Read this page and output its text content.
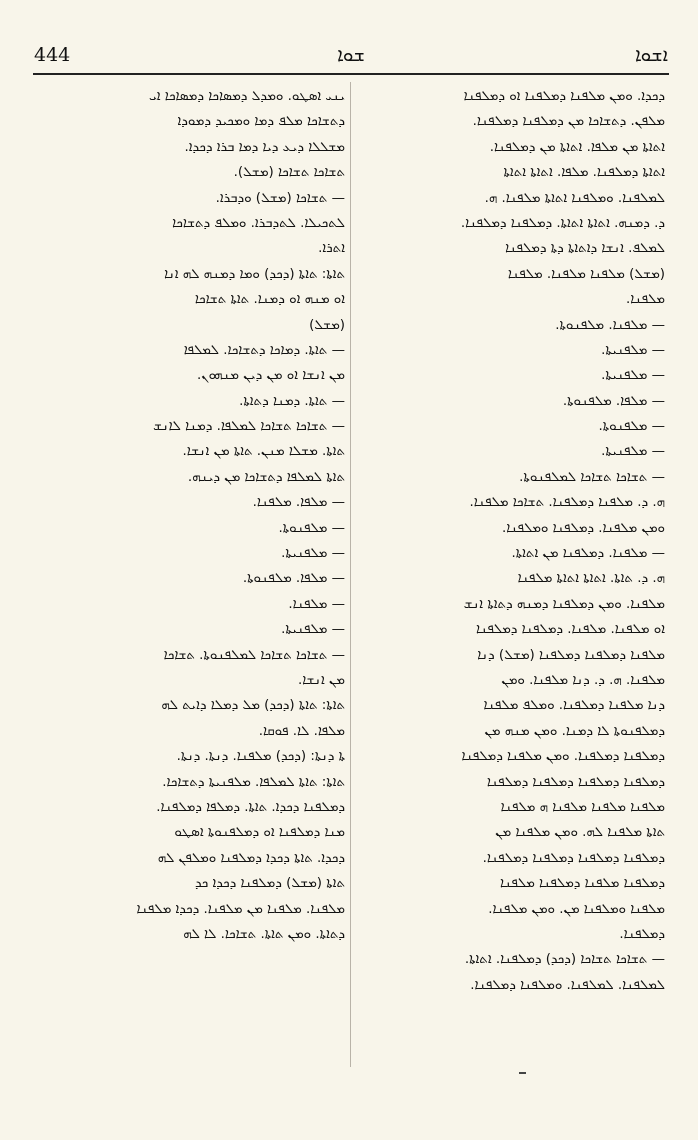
444	ܫܘܐ	ܐܫܘܐ
ܝܢܝ ܐܣܛܘ. ܘܡܕܠ ܕܡܣܐܟܐ ܕܡܣܐܟܐ ܐܝ
ܕܬܫܐܟܐ ܡܠܦ ܕܡܐ ܘܡܟܝܕ ܕܡܘܕܐ
ܡܫܠܠܐ ܕܝܥ ܕܝܐ ܕܡܐ ܒܪܐ ܕܟܕܐ.
ܬܫܐܟܐ ܬܫܐܟܐ (ܡܫܠ).
— ܬܫܐܟܐ (ܡܫܠ) ܘܕܒܪܐ.
ܠܬܟܝܠܐ. ܠܬܕܒܪܐ. ܘܡܠܦ ܕܬܫܐܟܐ
ܐܬܪܐ.
ܬܐܬܐ: ܬܐܬܐ (ܕܟܕ) ܘܡܐ ܕܡܢܗ ܠܗ ܐܢܐ
ܐܘ ܡܢܗ ܐܘ ܕܡܢܐ. ܬܐܬܐ ܬܫܐܟܐ
(ܡܫܠ)
— ܬܐܬܐ. ܕܡܐܟܐ ܕܬܫܐܟܐ. ܠܡܠܦܐ
ܡܢ ܐܢܫܐ ܐܘ ܡܢ ܕܝܢ ܡܢܗܘܢ.
— ܬܐܬܐ. ܕܡܢܐ ܕܬܐܬܐ.
— ܬܫܐܟܐ ܬܫܐܟܐ ܠܡܠܦܐ. ܕܡܢܐ ܠܐܢܫ
ܬܐܬܐ. ܡܫܠܐ ܡܢܢ. ܬܐܬܐ ܡܢ ܐܢܫܐ.
ܬܐܬܐ ܠܡܠܦܐ ܕܬܫܐܟܐ ܡܢ ܕܝܢܗ.
— ܡܠܦܐ. ܡܠܦܢܐ.
— ܡܠܦܢܘܬܐ.
— ܡܠܦܢܝܬܐ.
— ܡܠܦܐ. ܡܠܦܢܘܬܐ.
— ܡܠܦܢܐ.
— ܡܠܦܢܝܬܐ.
— ܬܫܐܟܐ ܬܫܐܟܐ ܠܡܠܦܢܘܬܐ. ܬܫܐܟܐ
ܡܢ ܐܢܫܐ.
ܬܐܬܐ: ܬܐܬܐ (ܕܟܕ) ܡܠ ܕܡܠܐ ܕܐܝܬ ܠܗ
ܡܠܦܐ. ܠܐ. ܦܘܩܐ.
ܬܐ ܕܢܬܐ: (ܕܟܕ) ܡܠܦܢܐ. ܕܢܬܐ. ܕܢܬܐ.
ܬܐܬܐ: ܬܐܬܐ ܠܡܠܦܐ. ܡܠܦܢܝܬܐ ܕܬܫܐܟܐ.
ܕܡܠܦܢܐ ܕܟܕܐ. ܬܐܬܐ. ܕܡܠܦܐ ܕܡܠܦܢܐ.
ܡܢܐ ܕܡܠܦܢܐ ܐܘ ܕܡܠܦܢܘܬܐ ܐܣܛܘ
ܕܟܕܐ. ܬܐܬܐ ܕܟܕܐ ܕܡܠܦܢܐ ܘܡܠܦܢ ܠܗ
ܬܐܬܐ (ܡܫܠ) ܕܡܠܦܢܐ ܕܟܕܐ ܟܕ
ܡܠܦܢܐ. ܡܠܦܢܐ ܡܢ ܡܠܦܢܐ. ܕܟܕܐ ܡܠܦܢܐ
ܕܬܐܬܐ. ܘܡܢ ܬܐܬܐ. ܬܫܐܟܐ. ܠܐ ܠܗ
ܕܟܕܐ. ܘܡܢ ܡܠܦܢܐ ܕܡܠܦܢܐ ܐܘ ܕܡܠܦܢܐ
ܡܠܦܢ. ܕܬܫܐܟܐ ܡܢ ܕܡܠܦܢܐ ܕܡܠܦܢܐ.
ܐܬܐܬܐ ܡܢ ܡܠܦܐ. ܐܬܐܬܐ ܡܢ ܕܡܠܦܢܐ.
ܐܬܐܬܐ ܕܡܠܦܢܐ. ܡܠܦܐ. ܐܬܐܬܐ ܐܬܐܬܐ
ܠܡܠܦܢܐ. ܘܡܠܦܢܐ ܐܬܐܬܐ ܡܠܦܢܐ. ܗ.
ܕ. ܕܡܢܗ. ܐܬܐܬܐ ܐܬܐܬܐ. ܕܡܠܦܢܐ ܕܡܠܦܢܐ.
ܠܡܠܦ. ܐܢܫܐ ܕܐܬܐܬܐ ܕܬܐ ܕܡܠܦܢܐ
(ܡܫܠ) ܡܠܦܢܐ ܡܠܦܢܐ. ܡܠܦܢܐ
ܡܠܦܢܐ.
— ܡܠܦܢܐ. ܡܠܦܢܘܬܐ.
— ܡܠܦܢܝܬܐ.
— ܡܠܦܢܝܬܐ.
— ܡܠܦܐ. ܡܠܦܢܘܬܐ.
— ܡܠܦܢܘܬܐ.
— ܡܠܦܢܝܬܐ.
— ܬܫܐܟܐ ܬܫܐܟܐ ܠܡܠܦܢܘܬܐ.
ܗ. ܕ. ܡܠܦܢܐ ܕܡܠܦܢܐ. ܬܫܐܟܐ ܡܠܦܢܐ.
ܘܡܢ ܡܠܦܢܐ. ܕܡܠܦܢܐ ܘܡܠܦܢܐ.
— ܡܠܦܢܐ. ܕܡܠܦܢܐ ܡܢ ܐܬܐܬܐ.
ܗ. ܕ. ܬܐܬܐ. ܐܬܐܬܐ ܐܬܐܬܐ ܡܠܦܢܐ
ܡܠܦܢܐ. ܘܡܢ ܕܡܠܦܢܐ ܕܡܢܗ ܕܬܐܬܐ ܐܢܫ
ܐܘ ܡܠܦܢܐ. ܡܠܦܢܐ. ܕܡܠܦܢܐ ܕܡܠܦܢܐ
ܡܠܦܢܐ ܕܡܠܦܢܐ ܕܡܠܦܢܐ (ܡܫܠ) ܕܢܐ
ܡܠܦܢܐ. ܗ. ܕ. ܕܢܐ ܡܠܦܢܐ. ܘܡܢ
ܕܢܐ ܡܠܦܢܐ ܕܡܠܦܢܐ. ܘܡܠܦ ܡܠܦܢܐ
ܕܡܠܦܢܘܬܐ ܠܐ ܕܡܢܐ. ܘܡܢ ܡܢܗ ܡܢ
ܕܡܠܦܢܐ ܕܡܠܦܢܐ. ܘܡܢ ܡܠܦܢܐ ܕܡܠܦܢܐ
ܕܡܠܦܢܐ ܕܡܠܦܢܐ ܕܡܠܦܢܐ ܕܡܠܦܢܐ
ܡܠܦܢܐ ܡܠܦܢܐ ܡܠܦܢܐ ܗ ܡܠܦܢܐ
ܬܐܬܐ ܡܠܦܢܐ ܠܗ. ܘܡܢ ܡܠܦܢܐ ܡܢ
ܕܡܠܦܢܐ ܕܡܠܦܢܐ ܕܡܠܦܢܐ ܕܡܠܦܢܐ.
ܕܡܠܦܢܐ ܡܠܦܢܐ ܕܡܠܦܢܐ ܡܠܦܢܐ
ܡܠܦܢܐ ܘܡܠܦܢܐ ܡܢ. ܘܡܢ ܡܠܦܢܐ.
ܕܡܠܦܢܐ.
— ܬܫܐܟܐ ܬܫܐܟܐ (ܕܟܕ) ܕܡܠܦܢܐ. ܐܬܐܬܐ.
ܠܡܠܦܢܐ. ܠܡܠܦܢܐ. ܘܡܠܦܢܐ ܕܡܠܦܢܐ.
